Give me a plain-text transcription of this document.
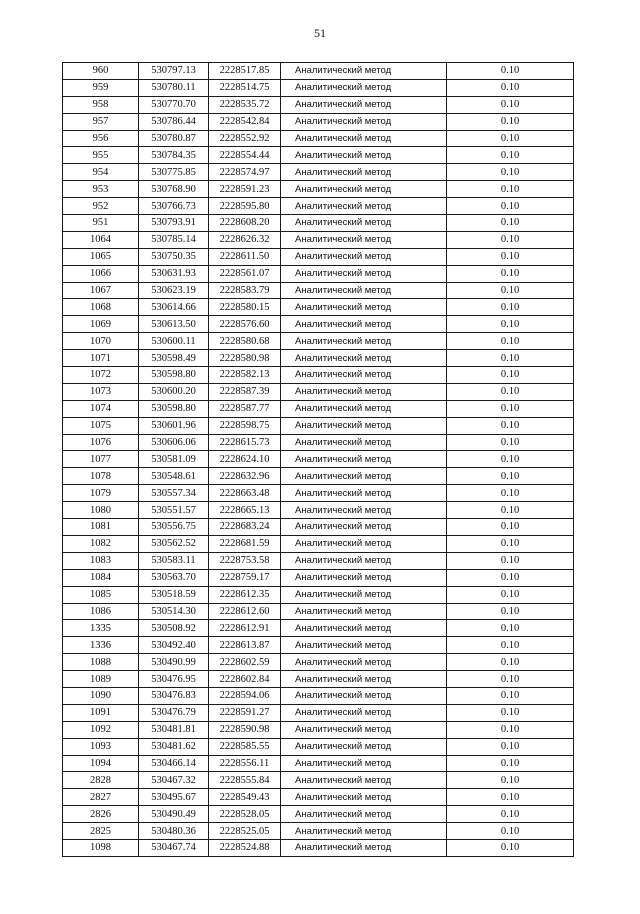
51
960	530797.13	2228517.85	Аналитический метод	0.10
959	530780.11	2228514.75	Аналитический метод	0.10
958	530770.70	2228535.72	Аналитический метод	0.10
957	530786.44	2228542.84	Аналитический метод	0.10
956	530780.87	2228552.92	Аналитический метод	0.10
955	530784.35	2228554.44	Аналитический метод	0.10
954	530775.85	2228574.97	Аналитический метод	0.10
953	530768.90	2228591.23	Аналитический метод	0.10
952	530766.73	2228595.80	Аналитический метод	0.10
951	530793.91	2228608.20	Аналитический метод	0.10
1064	530785.14	2228626.32	Аналитический метод	0.10
1065	530750.35	2228611.50	Аналитический метод	0.10
1066	530631.93	2228561.07	Аналитический метод	0.10
1067	530623.19	2228583.79	Аналитический метод	0.10
1068	530614.66	2228580.15	Аналитический метод	0.10
1069	530613.50	2228576.60	Аналитический метод	0.10
1070	530600.11	2228580.68	Аналитический метод	0.10
1071	530598.49	2228580.98	Аналитический метод	0.10
1072	530598.80	2228582.13	Аналитический метод	0.10
1073	530600.20	2228587.39	Аналитический метод	0.10
1074	530598.80	2228587.77	Аналитический метод	0.10
1075	530601.96	2228598.75	Аналитический метод	0.10
1076	530606.06	2228615.73	Аналитический метод	0.10
1077	530581.09	2228624.10	Аналитический метод	0.10
1078	530548.61	2228632.96	Аналитический метод	0.10
1079	530557.34	2228663.48	Аналитический метод	0.10
1080	530551.57	2228665.13	Аналитический метод	0.10
1081	530556.75	2228683.24	Аналитический метод	0.10
1082	530562.52	2228681.59	Аналитический метод	0.10
1083	530583.11	2228753.58	Аналитический метод	0.10
1084	530563.70	2228759.17	Аналитический метод	0.10
1085	530518.59	2228612.35	Аналитический метод	0.10
1086	530514.30	2228612.60	Аналитический метод	0.10
1335	530508.92	2228612.91	Аналитический метод	0.10
1336	530492.40	2228613.87	Аналитический метод	0.10
1088	530490.99	2228602.59	Аналитический метод	0.10
1089	530476.95	2228602.84	Аналитический метод	0.10
1090	530476.83	2228594.06	Аналитический метод	0.10
1091	530476.79	2228591.27	Аналитический метод	0.10
1092	530481.81	2228590.98	Аналитический метод	0.10
1093	530481.62	2228585.55	Аналитический метод	0.10
1094	530466.14	2228556.11	Аналитический метод	0.10
2828	530467.32	2228555.84	Аналитический метод	0.10
2827	530495.67	2228549.43	Аналитический метод	0.10
2826	530490.49	2228528.05	Аналитический метод	0.10
2825	530480.36	2228525.05	Аналитический метод	0.10
1098	530467.74	2228524.88	Аналитический метод	0.10
